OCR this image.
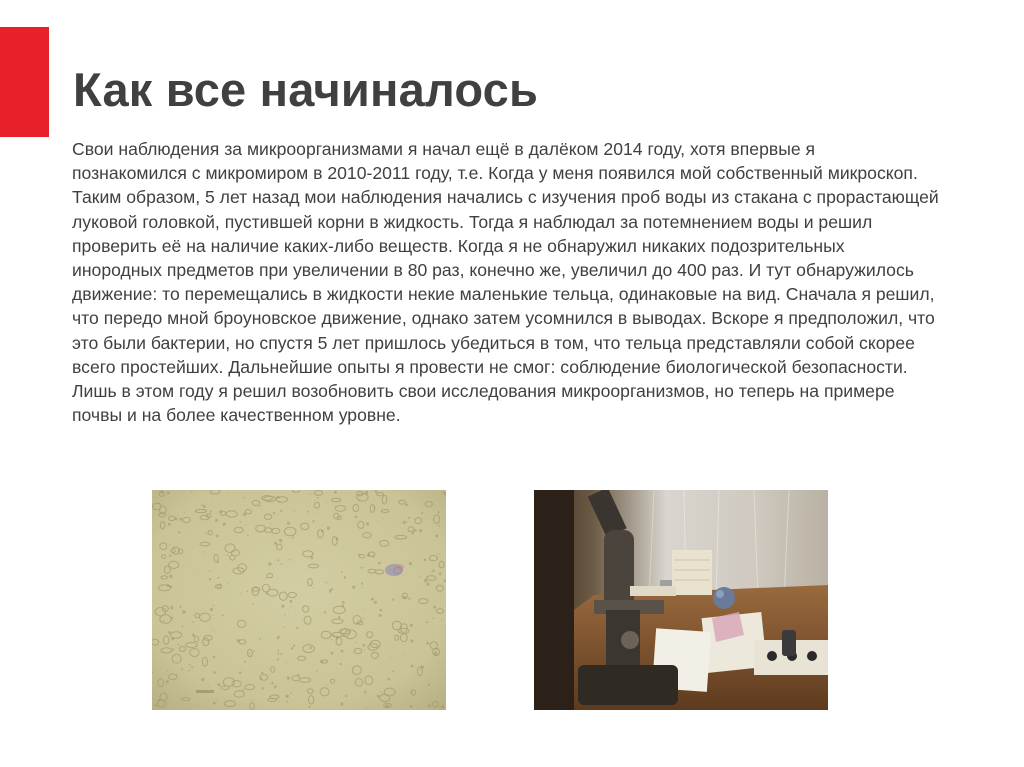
Как все начиналось

Свои наблюдения за микроорганизмами я начал ещё в далёком 2014 году, хотя впервые я
познакомился с микромиром в 2010-2011 году, т.е. Когда у меня появился мой собственный микроскоп.
Таким образом, 5 лет назад мои наблюдения начались с изучения проб воды из стакана с прорастающей
луковой головкой, пустившей корни в жидкость. Тогда я наблюдал за потемнением воды и решил
проверить её на наличие каких-либо веществ. Когда я не обнаружил никаких подозрительных
инородных предметов при увеличении в 80 раз, конечно же, увеличил до 400 раз. И тут обнаружилось
движение: то перемещались в жидкости некие маленькие тельца, одинаковые на вид. Сначала я решил,
что передо мной броуновское движение, однако затем усомнился в выводах. Вскоре я предположил, что
это были бактерии, но спустя 5 лет пришлось убедиться в том, что тельца представляли собой скорее
всего простейших. Дальнейшие опыты я провести не смог: соблюдение биологической безопасности.
Лишь в этом году я решил возобновить свои исследования микроорганизмов, но теперь на примере
почвы и на более качественном уровне.
